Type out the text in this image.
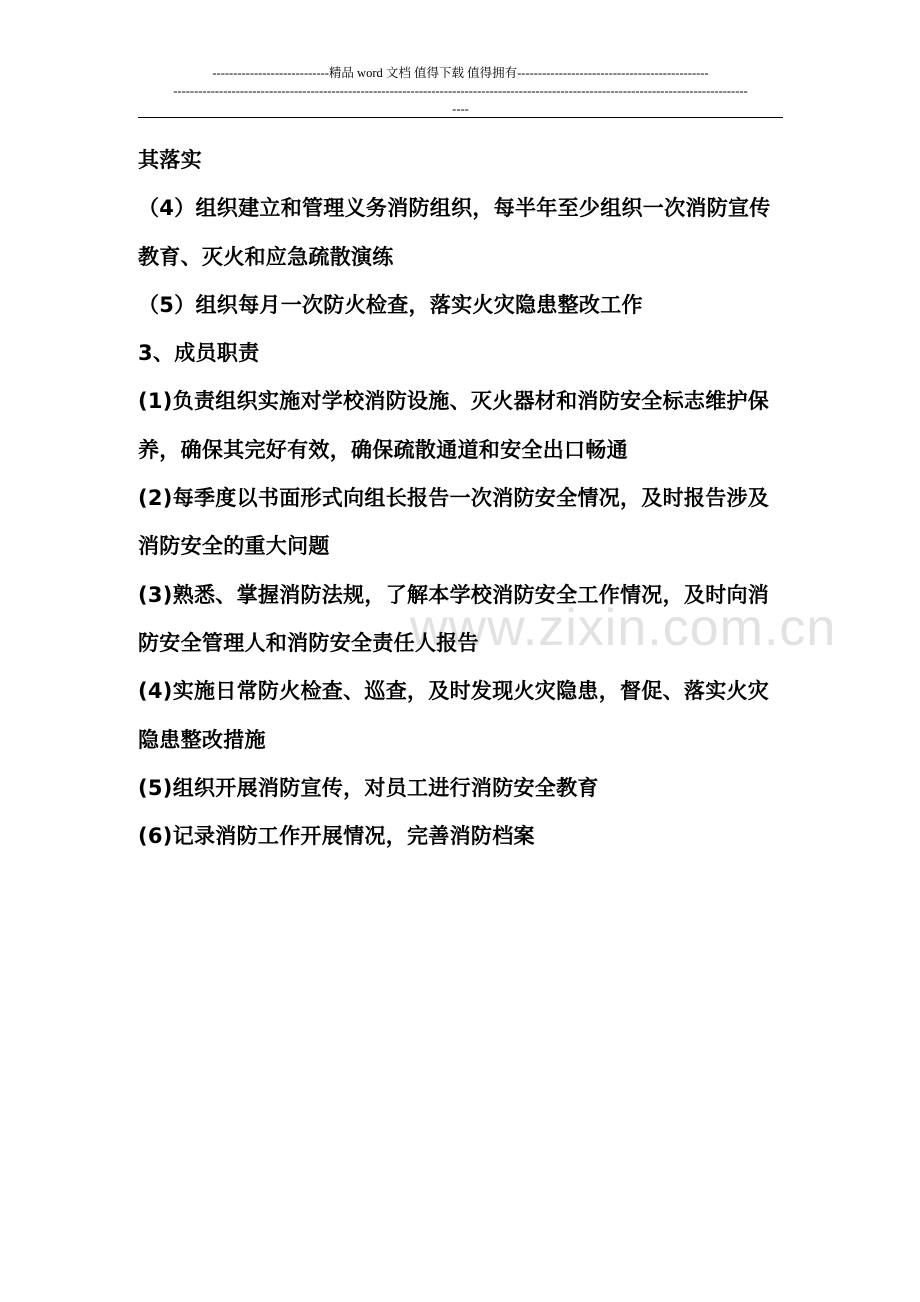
----------------------------精品 word 文档 值得下载 值得拥有----------------------------------------------
------------------------------------------------------------------------------------------------------------------------------------------
----
www.zixin.com.cn

其落实

（4）组织建立和管理义务消防组织，每半年至少组织一次消防宣传

教育、灭火和应急疏散演练

（5）组织每月一次防火检查，落实火灾隐患整改工作

3、成员职责

(1)负责组织实施对学校消防设施、灭火器材和消防安全标志维护保

养，确保其完好有效，确保疏散通道和安全出口畅通

(2)每季度以书面形式向组长报告一次消防安全情况，及时报告涉及

消防安全的重大问题

(3)熟悉、掌握消防法规，了解本学校消防安全工作情况，及时向消

防安全管理人和消防安全责任人报告

(4)实施日常防火检查、巡查，及时发现火灾隐患，督促、落实火灾

隐患整改措施

(5)组织开展消防宣传，对员工进行消防安全教育

(6)记录消防工作开展情况，完善消防档案
